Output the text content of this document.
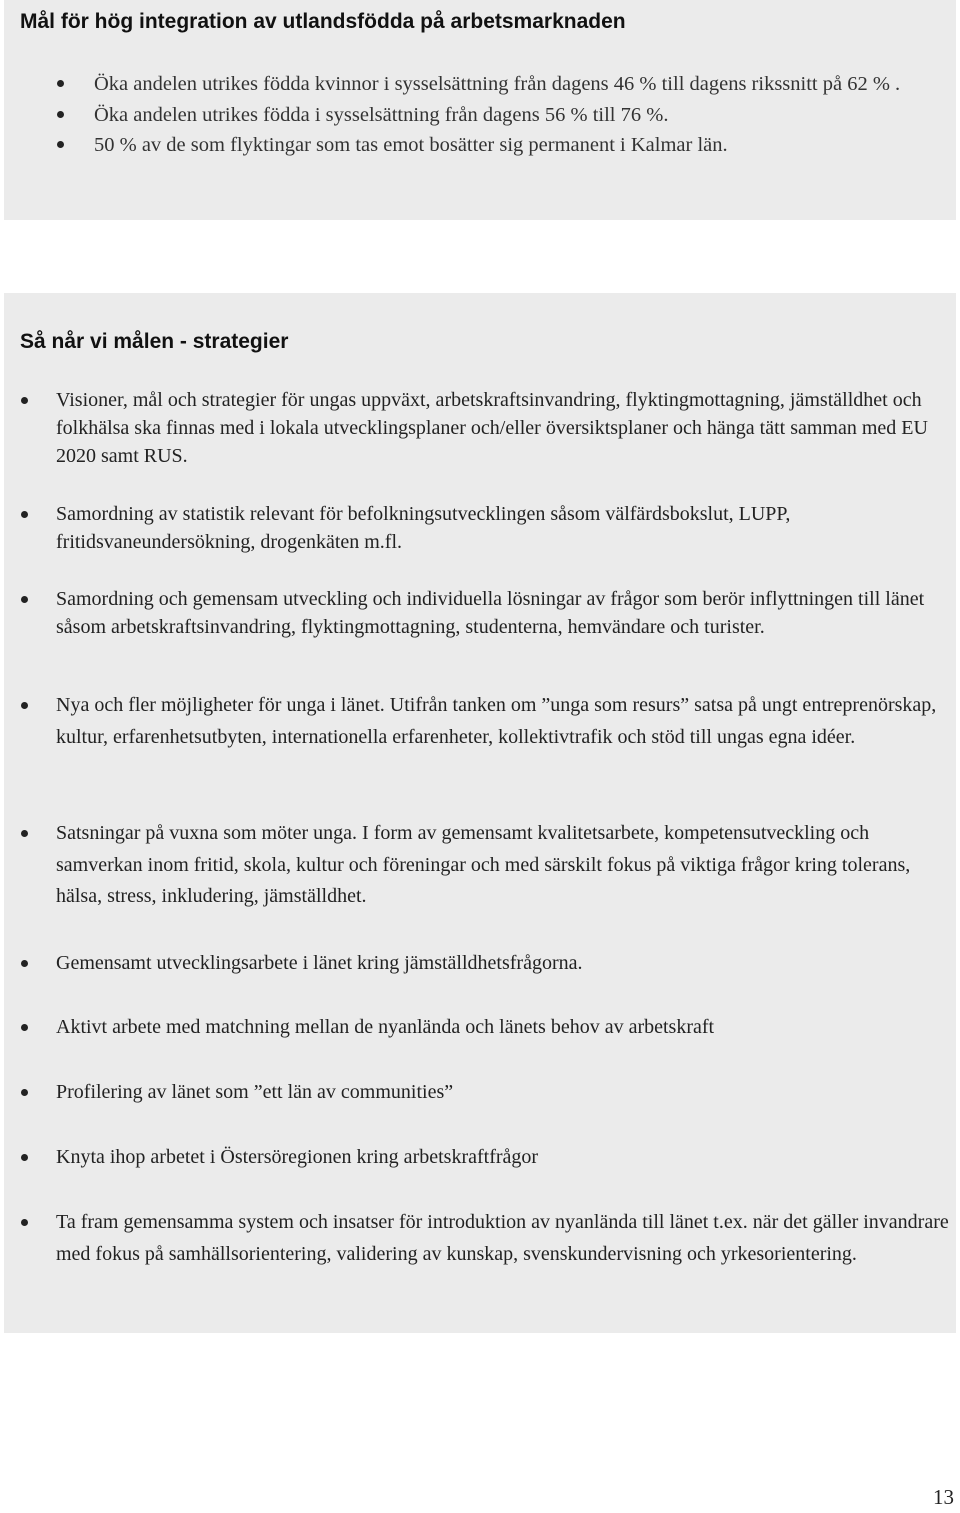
Mål för hög integration av utlandsfödda på arbetsmarknaden
Öka andelen utrikes födda kvinnor i sysselsättning från dagens 46 % till dagens rikssnitt på 62 % .
Öka andelen utrikes födda i sysselsättning från dagens 56 % till 76 %.
50 % av de som flyktingar som tas emot bosätter sig permanent i Kalmar län.
Så når vi målen - strategier
Visioner, mål och strategier för ungas uppväxt, arbetskraftsinvandring, flyktingmottagning, jämställdhet och folkhälsa ska finnas med i lokala utvecklingsplaner och/eller översiktsplaner och hänga tätt samman med EU 2020 samt RUS.
Samordning av statistik relevant för befolkningsutvecklingen såsom välfärdsbokslut, LUPP, fritidsvaneundersökning, drogenkäten m.fl.
Samordning och gemensam utveckling och individuella lösningar av frågor som berör inflyttningen till länet såsom arbetskraftsinvandring, flyktingmottagning, studenterna, hemvändare och turister.
Nya och fler möjligheter för unga i länet. Utifrån tanken om ”unga som resurs” satsa på ungt entreprenörskap, kultur, erfarenhetsutbyten, internationella erfarenheter, kollektivtrafik och stöd till ungas egna idéer.
Satsningar på vuxna som möter unga. I form av gemensamt kvalitetsarbete, kompetensutveckling och samverkan inom fritid, skola, kultur och föreningar och med särskilt fokus på viktiga frågor kring tolerans, hälsa, stress, inkludering, jämställdhet.
Gemensamt utvecklingsarbete i länet kring jämställdhetsfrågorna.
Aktivt arbete med matchning mellan de nyanlända och länets behov av arbetskraft
Profilering av länet som ”ett län av communities”
Knyta ihop arbetet i Östersöregionen kring arbetskraftfrågor
Ta fram gemensamma system och insatser för introduktion av nyanlända till länet t.ex. när det gäller invandrare med fokus på samhällsorientering, validering av kunskap, svenskundervisning och yrkesorientering.
13
